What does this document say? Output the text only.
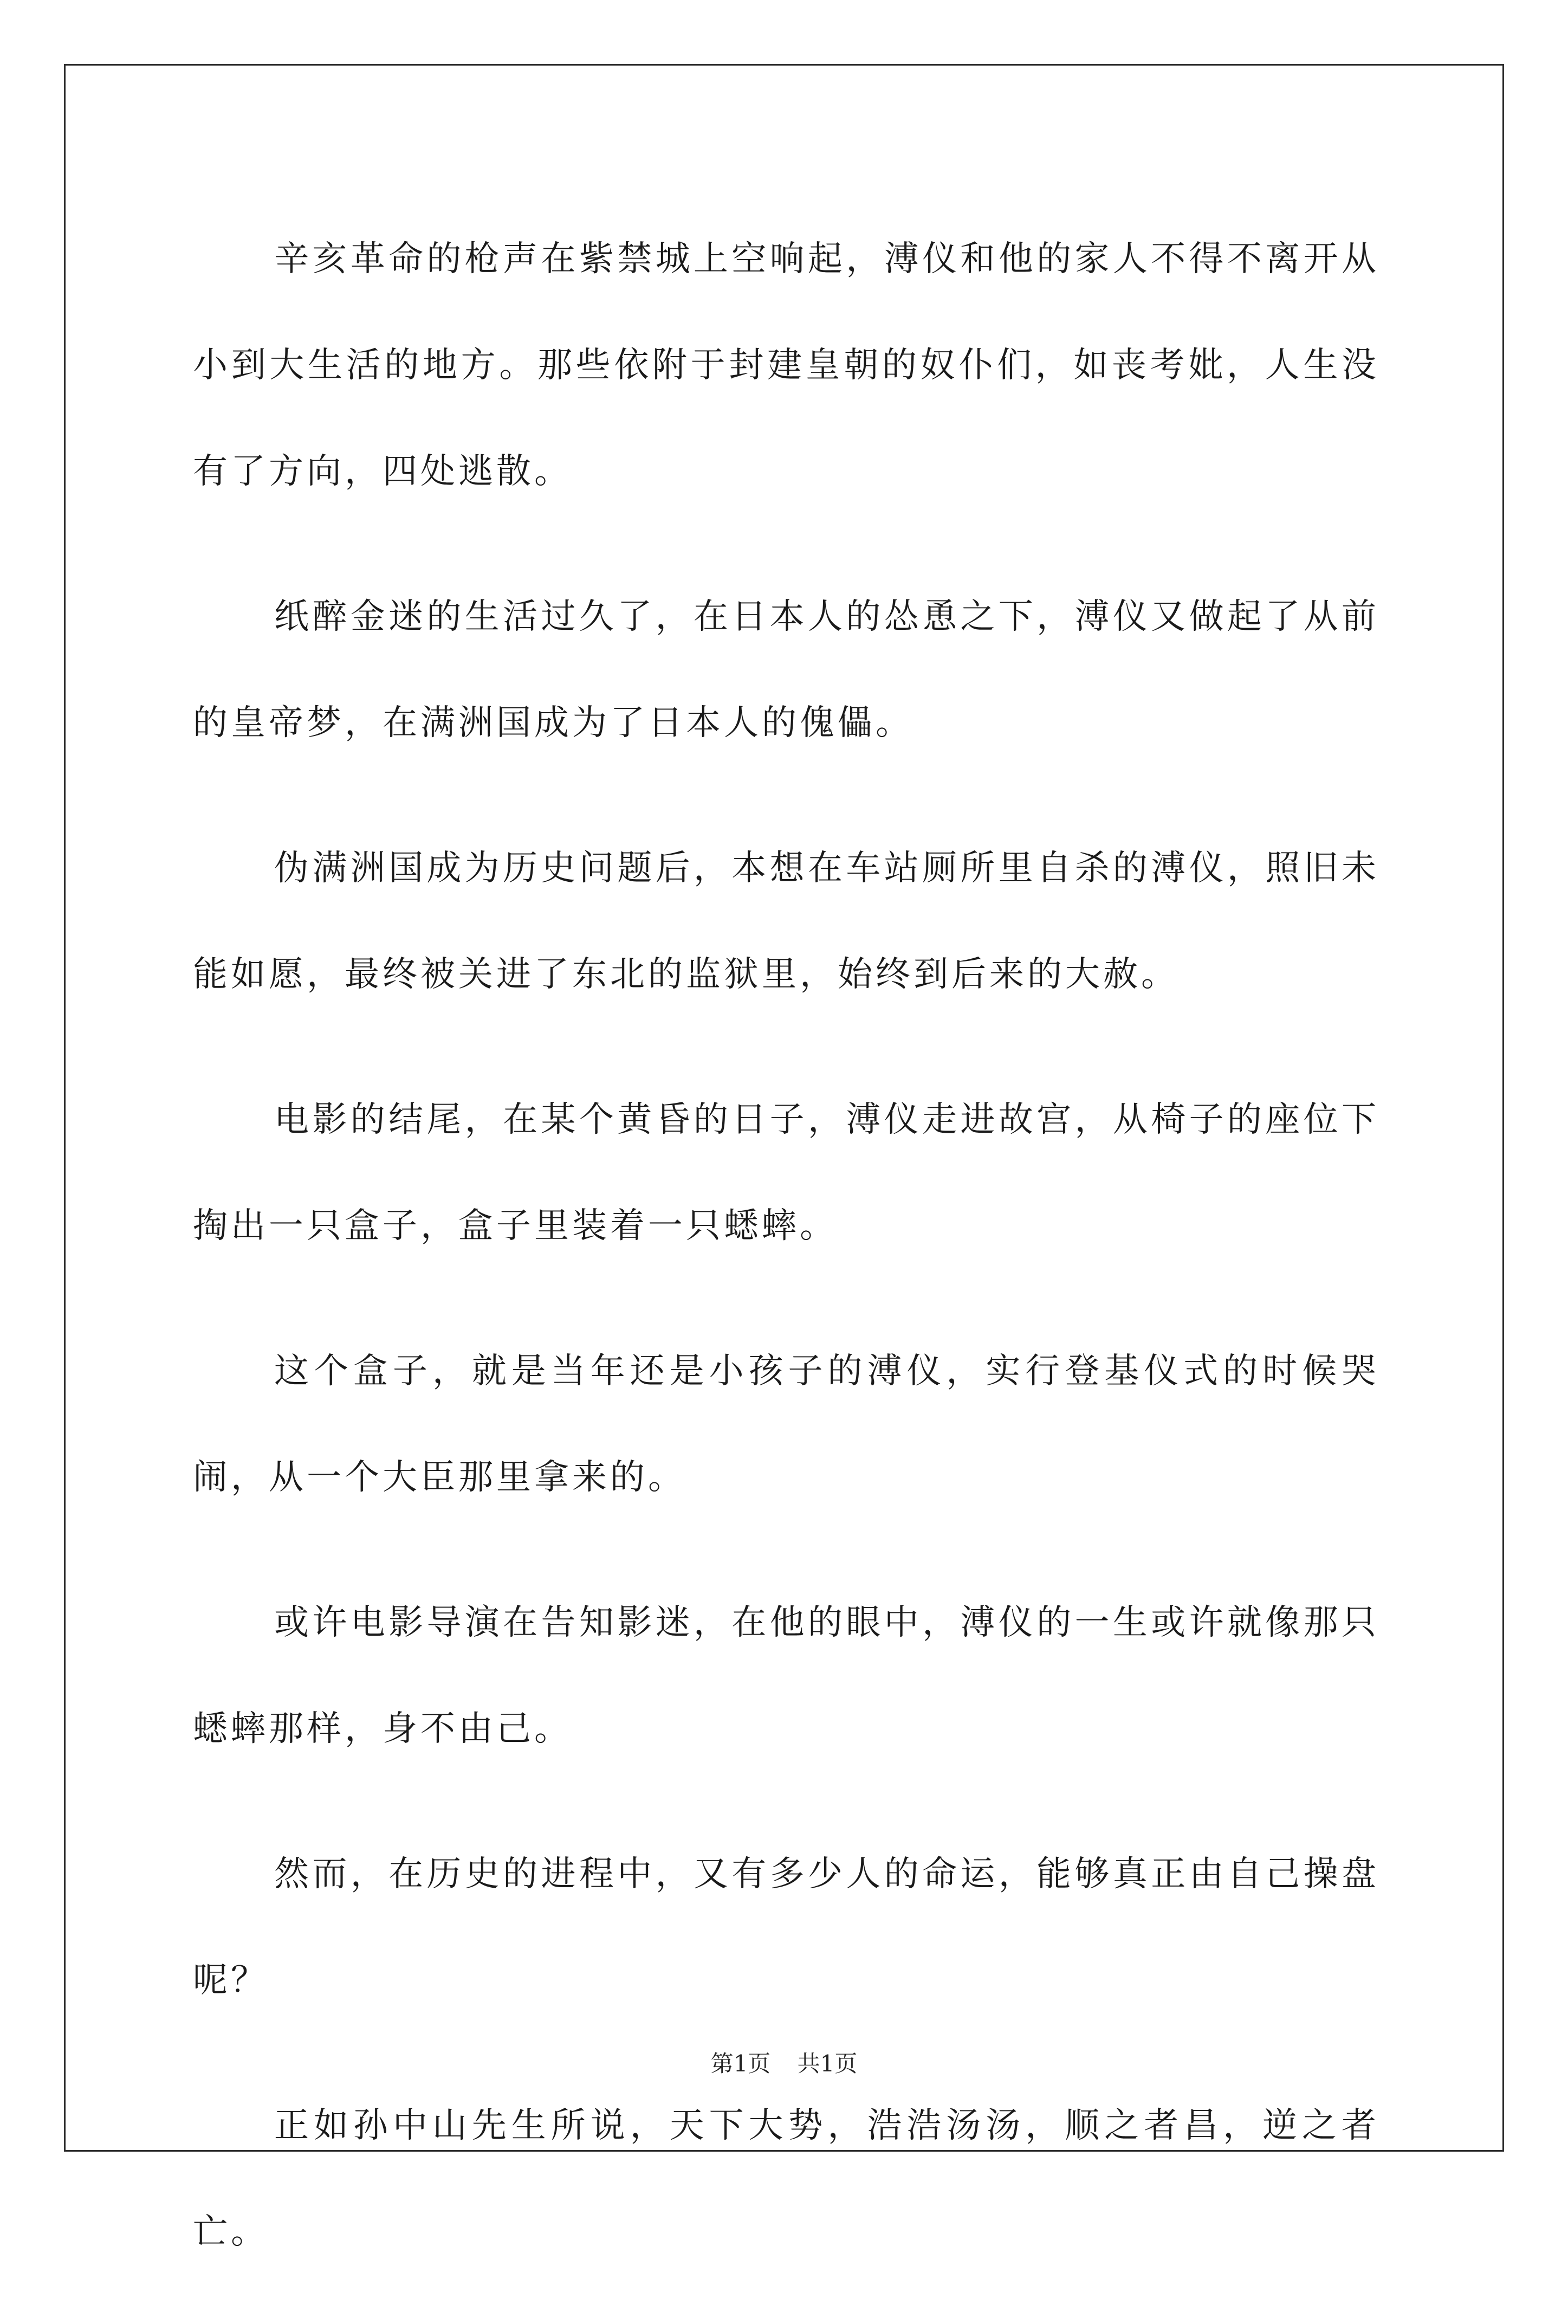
辛亥革命的枪声在紫禁城上空响起，溥仪和他的家人不得不离开从小到大生活的地方。那些依附于封建皇朝的奴仆们，如丧考妣，人生没有了方向，四处逃散。

纸醉金迷的生活过久了，在日本人的怂恿之下，溥仪又做起了从前的皇帝梦，在满洲国成为了日本人的傀儡。

伪满洲国成为历史问题后，本想在车站厕所里自杀的溥仪，照旧未能如愿，最终被关进了东北的监狱里，始终到后来的大赦。

电影的结尾，在某个黄昏的日子，溥仪走进故宫，从椅子的座位下掏出一只盒子，盒子里装着一只蟋蟀。

这个盒子，就是当年还是小孩子的溥仪，实行登基仪式的时候哭闹，从一个大臣那里拿来的。

或许电影导演在告知影迷，在他的眼中，溥仪的一生或许就像那只蟋蟀那样，身不由己。

然而，在历史的进程中，又有多少人的命运，能够真正由自己操盘呢？

正如孙中山先生所说，天下大势，浩浩汤汤，顺之者昌，逆之者亡。

第1页 共1页
